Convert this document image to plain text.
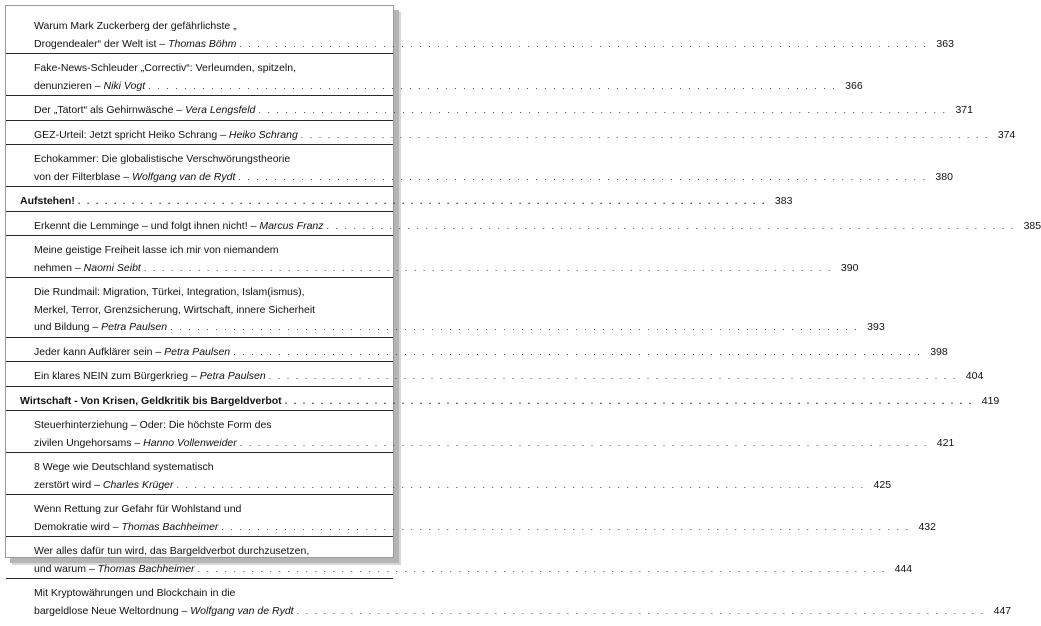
Warum Mark Zuckerberg der gefährlichste „
Drogendealer“ der Welt ist – Thomas Böhm . . .	363
Fake-News-Schleuder „Correctiv“: Verleumden, spitzeln,
denunzieren – Niki Vogt . . .	366
Der „Tatort“ als Gehirnwäsche – Vera Lengsfeld . . .	371
GEZ-Urteil: Jetzt spricht Heiko Schrang – Heiko Schrang . . .	374
Echokammer: Die globalistische Verschwörungstheorie
von der Filterblase – Wolfgang van de Rydt . . .	380
Aufstehen! . . .	383
Erkennt die Lemminge – und folgt ihnen nicht! – Marcus Franz . . .	385
Meine geistige Freiheit lasse ich mir von niemandem
nehmen – Naomi Seibt . . .	390
Die Rundmail: Migration, Türkei, Integration, Islam(ismus),
Merkel, Terror, Grenzsicherung, Wirtschaft, innere Sicherheit
und Bildung – Petra Paulsen . . .	393
Jeder kann Aufklärer sein – Petra Paulsen . . .	398
Ein klares NEIN zum Bürgerkrieg – Petra Paulsen . . .	404
Wirtschaft - Von Krisen, Geldkritik bis Bargeldverbot . . .	419
Steuerhinterziehung – Oder: Die höchste Form des
zivilen Ungehorsams – Hanno Vollenweider . . .	421
8 Wege wie Deutschland systematisch
zerstört wird – Charles Krüger . . .	425
Wenn Rettung zur Gefahr für Wohlstand und
Demokratie wird – Thomas Bachheimer . . .	432
Wer alles dafür tun wird, das Bargeldverbot durchzusetzen,
und warum – Thomas Bachheimer . . .	444
Mit Kryptowährungen und Blockchain in die
bargeldlose Neue Weltordnung – Wolfgang van de Rydt . . .	447
